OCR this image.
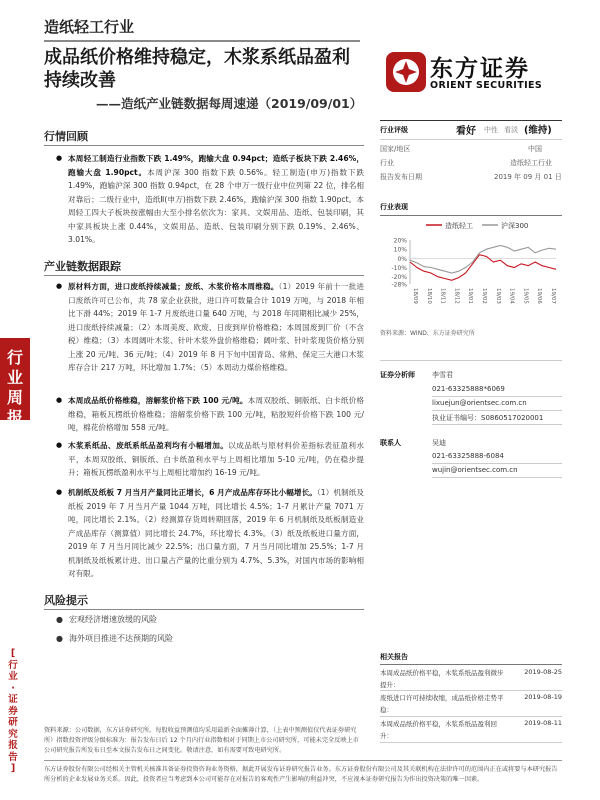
造纸轻工行业
成品纸价格维持稳定，木浆系纸品盈利
持续改善
——造纸产业链数据每周速递（2019/09/01）
东方证券
ORIENT SECURITIES
行
业
周
报
[
行
业
·
证
券
研
究
报
告
]
行情回顾
● 本周轻工制造行业指数下跌 1.49%，跑输大盘 0.94pct；造纸子板块下跌 2.46%，跑输大盘 1.90pct。本周沪深 300 指数下跌 0.56%。轻工制造(申万)指数下跌 1.49%，跑输沪深 300 指数 0.94pct，在 28 个申万一级行业中位列第 22 位，排名相对靠后；二级行业中，造纸Ⅱ(申万)指数下跌 2.46%，跑输沪深 300 指数 1.90pct。本周轻工四大子板块按涨幅由大至小排名依次为：家具、文娱用品、造纸、包装印刷，其中家具板块上涨 0.44%，文娱用品、造纸、包装印刷分别下跌 0.19%、2.46%、3.01%。
产业链数据跟踪
● 原材料方面，进口废纸持续减量；废纸、木浆价格本周维稳。（1）2019 年前十一批进口废纸许可已公布，共 78 家企业获批，进口许可数量合计 1019 万吨，与 2018 年相比下滑 44%；2019 年 1-7 月废纸进口量 640 万吨，与 2018 年同期相比减少 25%，进口废纸持续减量；（2）本周美废、欧废、日废到岸价格维稳；本周国废到厂价（不含税）维稳；（3）本周阔叶木浆、针叶木浆外盘价格维稳；阔叶浆、针叶浆现货价格分别上涨 20 元/吨、36 元/吨；（4）2019 年 8 月下旬中国青岛、常熟、保定三大港口木浆库存合计 217 万吨，环比增加 1.7%；（5）本周动力煤价格维稳。
● 本周成品纸价格维稳，溶解浆价格下跌 100 元/吨。本周双胶纸、铜版纸、白卡纸价格维稳，箱板瓦楞纸价格维稳；溶解浆价格下跌 100 元/吨，粘胶短纤价格下跌 100 元/吨，棉花价格增加 558 元/吨。
● 木浆系纸品、废纸系纸品盈利均有小幅增加。以成品纸与原材料价差指标表征盈利水平，本周双胶纸、铜版纸、白卡纸盈利水平与上周相比增加 5-10 元/吨，仍在稳步提升；箱板瓦楞纸盈利水平与上周相比增加约 16-19 元/吨。
● 机制纸及纸板 7 月当月产量同比正增长，6 月产成品库存环比小幅增长。（1）机制纸及纸板 2019 年 7 月当月产量 1044 万吨，同比增长 4.5%；1-7 月累计产量 7071 万吨，同比增长 2.1%。（2）经测算存货周转期回落，2019 年 6 月机制纸及纸板制造业产成品库存（测算值）同比增长 24.7%，环比增长 4.3%。（3）纸及纸板进口量方面，2019 年 7 月当月同比减少 22.5%；出口量方面，7 月当月同比增加 25.5%；1-7 月机制纸及纸板累计进、出口量占产量的比重分别为 4.7%、5.3%，对国内市场的影响相对有限。
风险提示
● 宏观经济增速放缓的风险
● 海外项目推进不达预期的风险
资料来源：公司数据，东方证券研究所。每股收益预测值均采用最新全面摊薄计算，（上表中预测值仅代表证券研究所）指数投资评级分级标准为：报告发布日后 12 个月内行业指数相对于同期上市公司研究所，可能未完全反映上市公司研究报告所发布日至本文报告发布日之间变化。敬请注意，如有需要可致电研究所。
东方证券股份有限公司经相关主管机关核准具备证券投资咨询业务资格，据此开展发布证券研究报告业务。东方证券股份有限公司及其关联机构在法律许可的范围内正在或将要与本研究报告所分析的企业发展业务关系。因此，投资者应当考虑到本公司可能存在对报告的客观性产生影响的利益冲突，不应视本证券研究报告为作出投资决策的唯一因素。
行业评级	看好 中性 看淡 (维持)
国家/地区	中国
行业	造纸轻工行业
报告发布日期	2019 年 09 月 01 日
行业表现
造纸轻工	沪深300
20%
10%
0%
-10%
-20%
-28%
18/09 18/10 18/11 18/12 19/01 19/02 19/03 19/04 19/05 19/06 19/07
资料来源：WIND、东方证券研究所
证券分析师 李雪君
021-63325888*6069
lixuejun@orientsec.com.cn
执业证书编号：S0860517020001
联系人	吴迪
021-63325888-6084
wujin@orientsec.com.cn
相关报告
本周成品纸价格平稳，木浆系纸品盈利微步
提升：
2019-08-25
废纸进口许可持续收缩，成品纸价格走势平
稳：
2019-08-19
本周成品纸价格平稳，木浆系纸品盈利回
升：
2019-08-11
